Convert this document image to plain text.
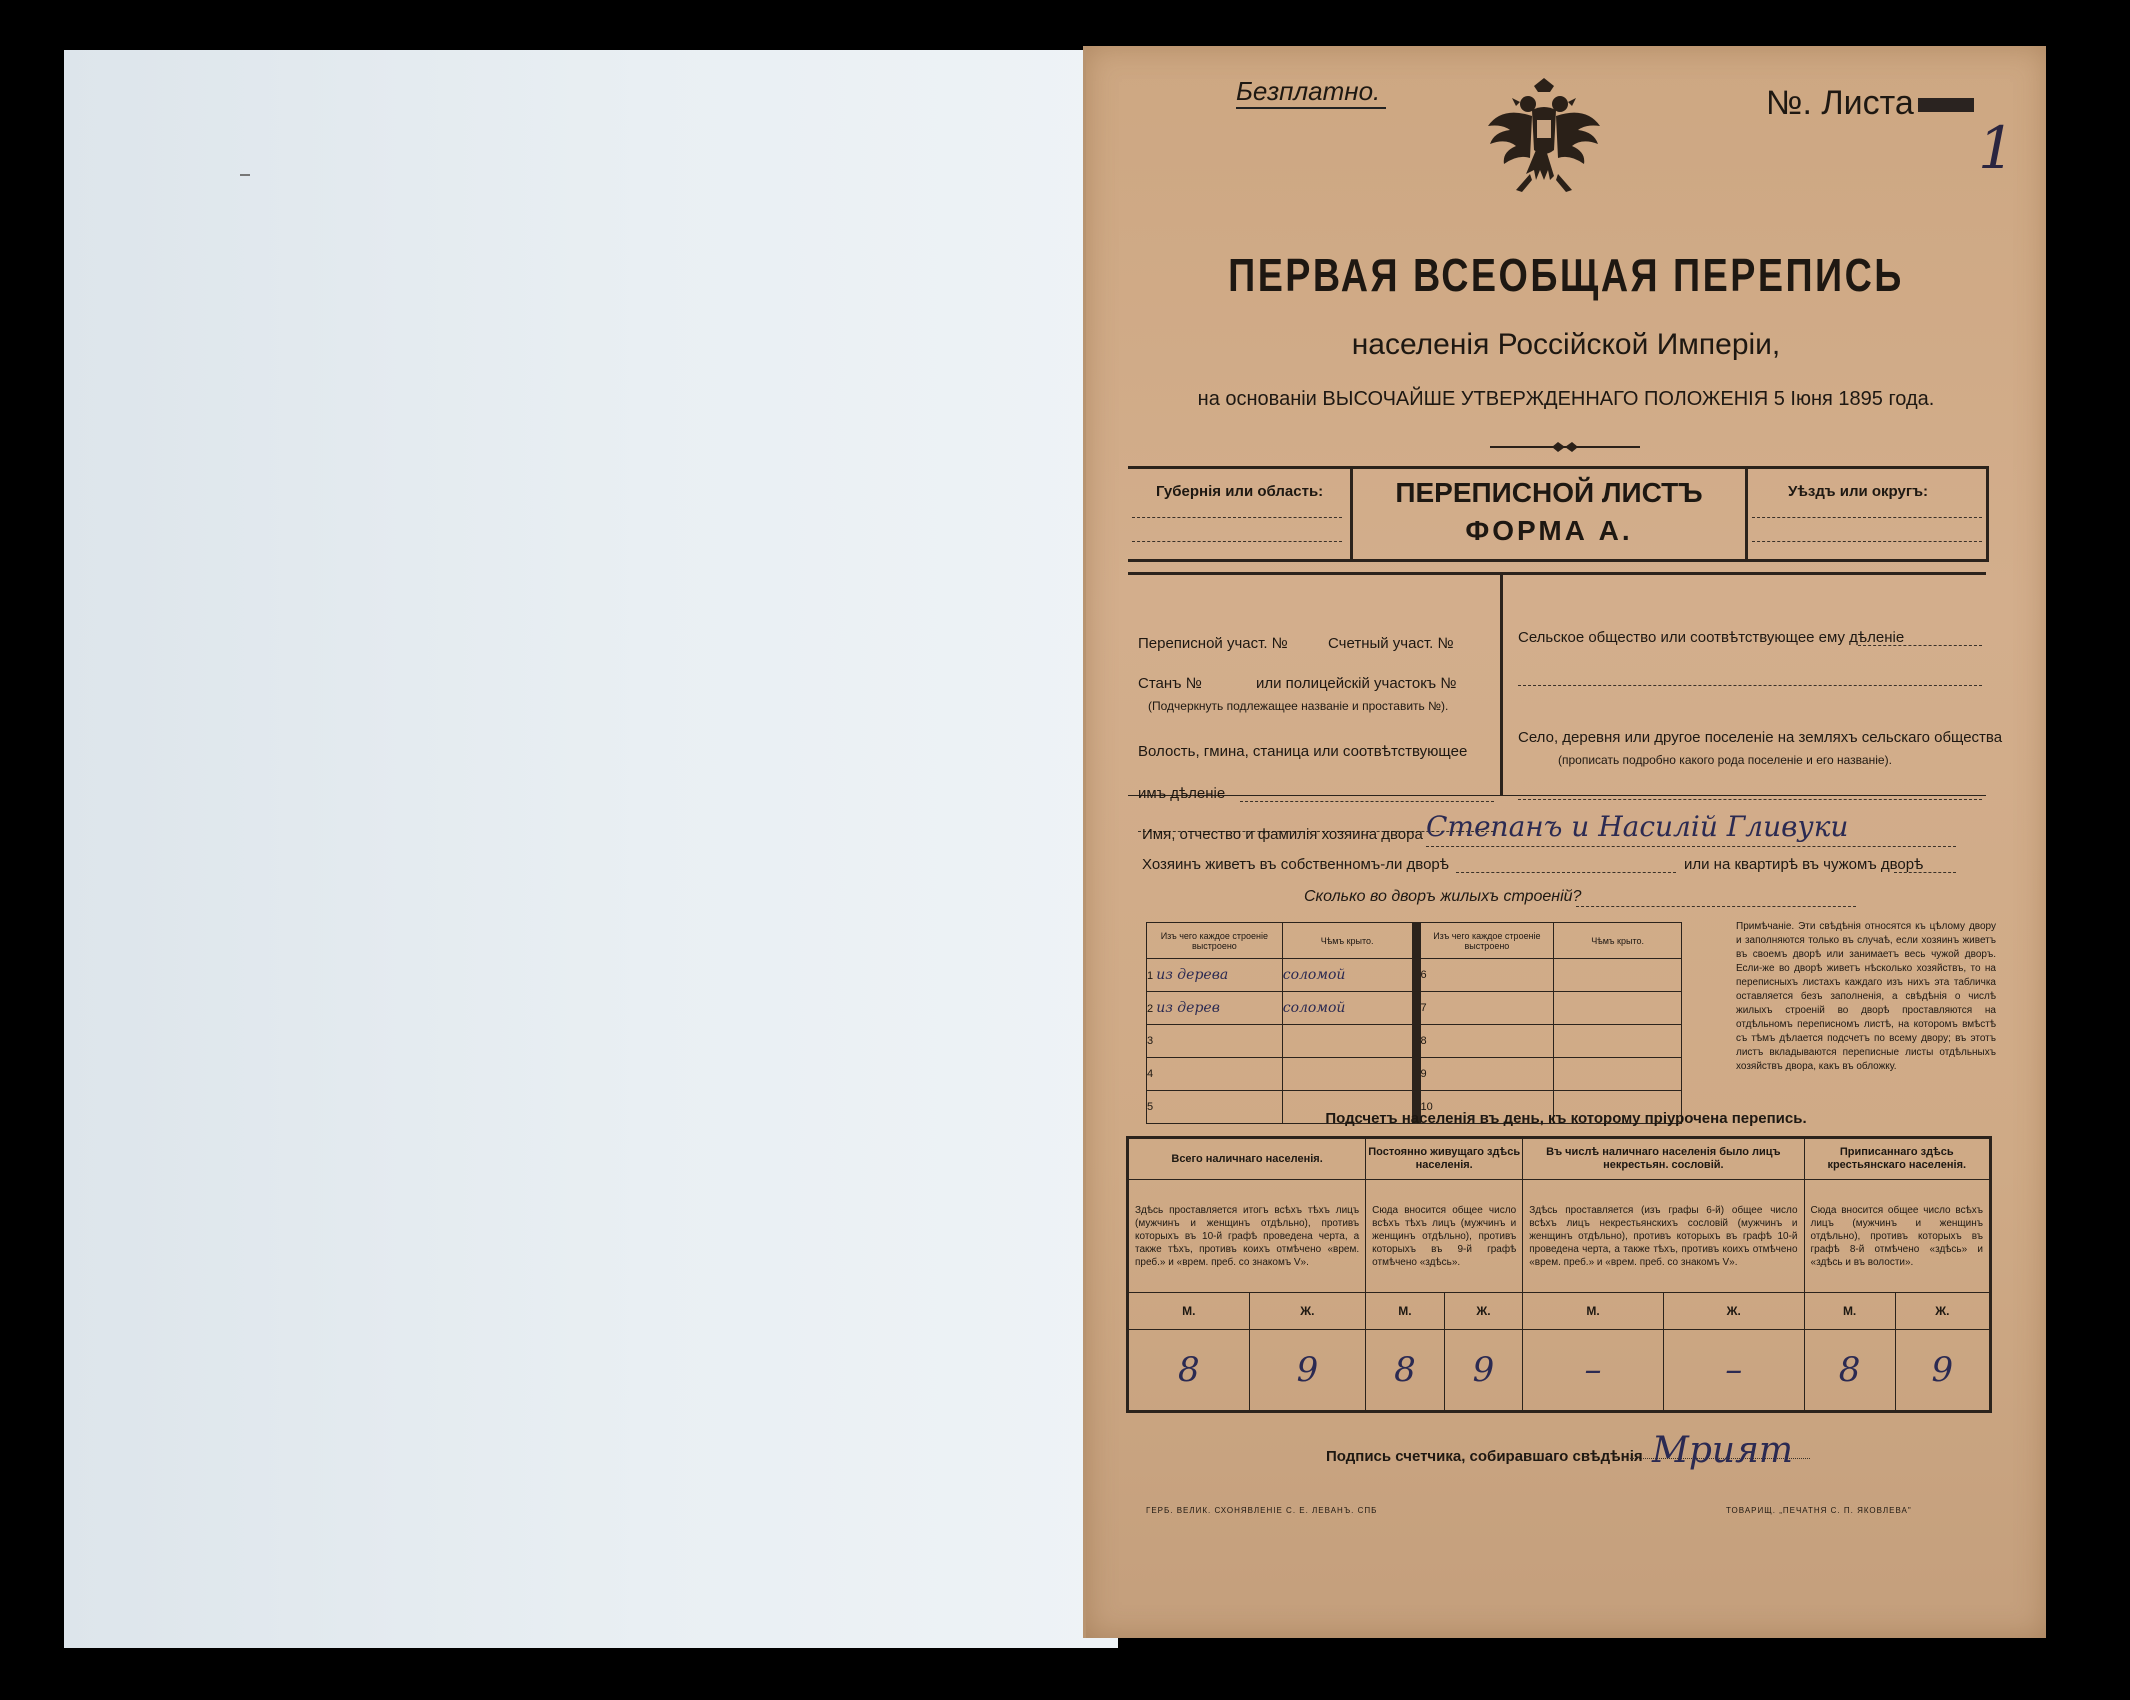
Безплатно.	№. Листа
1
ПЕРВАЯ ВСЕОБЩАЯ ПЕРЕПИСЬ
населенія Россійской Имперіи,
на основаніи ВЫСОЧАЙШЕ УТВЕРЖДЕННАГО ПОЛОЖЕНІЯ 5 Іюня 1895 года.
Губернія или область:	ПЕРЕПИСНОЙ ЛИСТЪ
ФОРМА А.
Уѣздъ или округъ:
Переписной участ. №	Счетный участ. №
Станъ №	или полицейскій участокъ №
(Подчеркнуть подлежащее названіе и проставить №).
Волость, гмина, станица или соотвѣтствующее
имъ дѣленіе
Сельское общество или соотвѣтствующее ему дѣленіе
Село, деревня или другое поселеніе на земляхъ сельскаго общества
(прописать подробно какого рода поселеніе и его названіе).
Имя, отчество и фамилія хозяина двора Степанъ и Насилій Гливуки
Хозяинъ живетъ въ собственномъ-ли дворѣ	или на квартирѣ въ чужомъ дворѣ
Сколько во дворъ жилыхъ строеній?
Изъ чего каждое строеніе выстроено	Чѣмъ крыто.		Изъ чего каждое строеніе выстроено	Чѣмъ крыто.
1 из дерева	соломой		6	
2 из дерев	соломой		7	
3			8	
4			9	
5			10	
Примѣчаніе. Эти свѣдѣнія относятся къ цѣлому двору и заполняются только въ случаѣ, если хозяинъ живетъ въ своемъ дворѣ или занимаетъ весь чужой дворъ. Если-же во дворѣ живетъ нѣсколько хозяйствъ, то на переписныхъ листахъ каждаго изъ нихъ эта табличка оставляется безъ заполненія, а свѣдѣнія о числѣ жилыхъ строеній во дворѣ проставляются на отдѣльномъ переписномъ листѣ, на которомъ вмѣстѣ съ тѣмъ дѣлается подсчетъ по всему двору; въ этотъ листъ вкладываются переписные листы отдѣльныхъ хозяйствъ двора, какъ въ обложку.
Подсчетъ населенія въ день, къ которому пріурочена перепись.
Всего наличнаго населенія.		Постоянно живущаго здѣсь населенія.		Въ числѣ наличнаго населенія было лицъ некрестьян. сословій.		Приписаннаго здѣсь крестьянскаго населенія.	
Здѣсь проставляется итогъ всѣхъ тѣхъ лицъ (мужчинъ и женщинъ отдѣльно), противъ которыхъ въ 10-й графѣ проведена черта, а также тѣхъ, противъ коихъ отмѣчено «врем. преб.» и «врем. преб. со знакомъ V».		Сюда вносится общее число всѣхъ тѣхъ лицъ (мужчинъ и женщинъ отдѣльно), противъ которыхъ въ 9-й графѣ отмѣчено «здѣсь».		Здѣсь проставляется (изъ графы 6-й) общее число всѣхъ лицъ некрестьянскихъ сословій (мужчинъ и женщинъ отдѣльно), противъ которыхъ въ графѣ 10-й проведена черта, а также тѣхъ, противъ коихъ отмѣчено «врем. преб.» и «врем. преб. со знакомъ V».		Сюда вносится общее число всѣхъ лицъ (мужчинъ и женщинъ отдѣльно), противъ которыхъ въ графѣ 8-й отмѣчено «здѣсь» и «здѣсь и въ волости».	
М.	Ж.	М.	Ж.	М.	Ж.	М.	Ж.
8	9	8	9	–	–	8	9
Подпись счетчика, собиравшаго свѣдѣнія Мрият
ГЕРБ. ВЕЛИК. СХОНЯВЛЕНІЕ С. Е. ЛЕВАНЪ. СПБ	ТОВАРИЩ. „ПЕЧАТНЯ С. П. ЯКОВЛЕВА"
